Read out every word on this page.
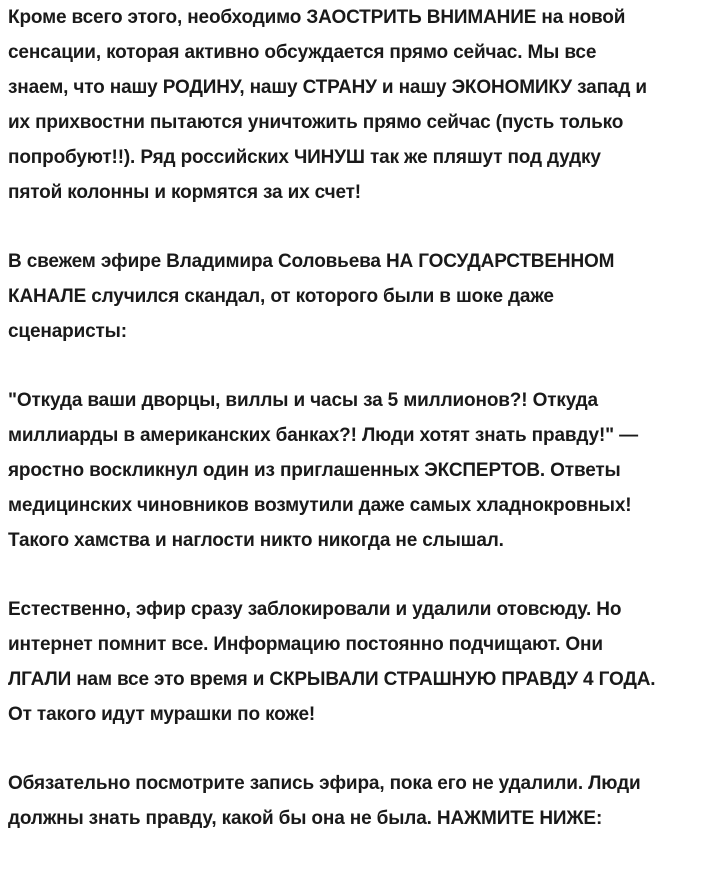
Кроме всего этого, необходимо ЗАОСТРИТЬ ВНИМАНИЕ на новой
сенсации, которая активно обсуждается прямо сейчас. Мы все
знаем, что нашу РОДИНУ, нашу СТРАНУ и нашу ЭКОНОМИКУ запад и
их прихвостни пытаются уничтожить прямо сейчас (пусть только
попробуют!!). Ряд российских ЧИНУШ так же пляшут под дудку
пятой колонны и кормятся за их счет!
В свежем эфире Владимира Соловьева НА ГОСУДАРСТВЕННОМ
КАНАЛЕ случился скандал, от которого были в шоке даже
сценаристы:
"Откуда ваши дворцы, виллы и часы за 5 миллионов?! Откуда
миллиарды в американских банках?! Люди хотят знать правду!" —
яростно воскликнул один из приглашенных ЭКСПЕРТОВ. Ответы
медицинских чиновников возмутили даже самых хладнокровных!
Такого хамства и наглости никто никогда не слышал.
Естественно, эфир сразу заблокировали и удалили отовсюду. Но
интернет помнит все. Информацию постоянно подчищают. Они
ЛГАЛИ нам все это время и СКРЫВАЛИ СТРАШНУЮ ПРАВДУ 4 ГОДА.
От такого идут мурашки по коже!
Обязательно посмотрите запись эфира, пока его не удалили. Люди
должны знать правду, какой бы она не была. НАЖМИТЕ НИЖЕ:
